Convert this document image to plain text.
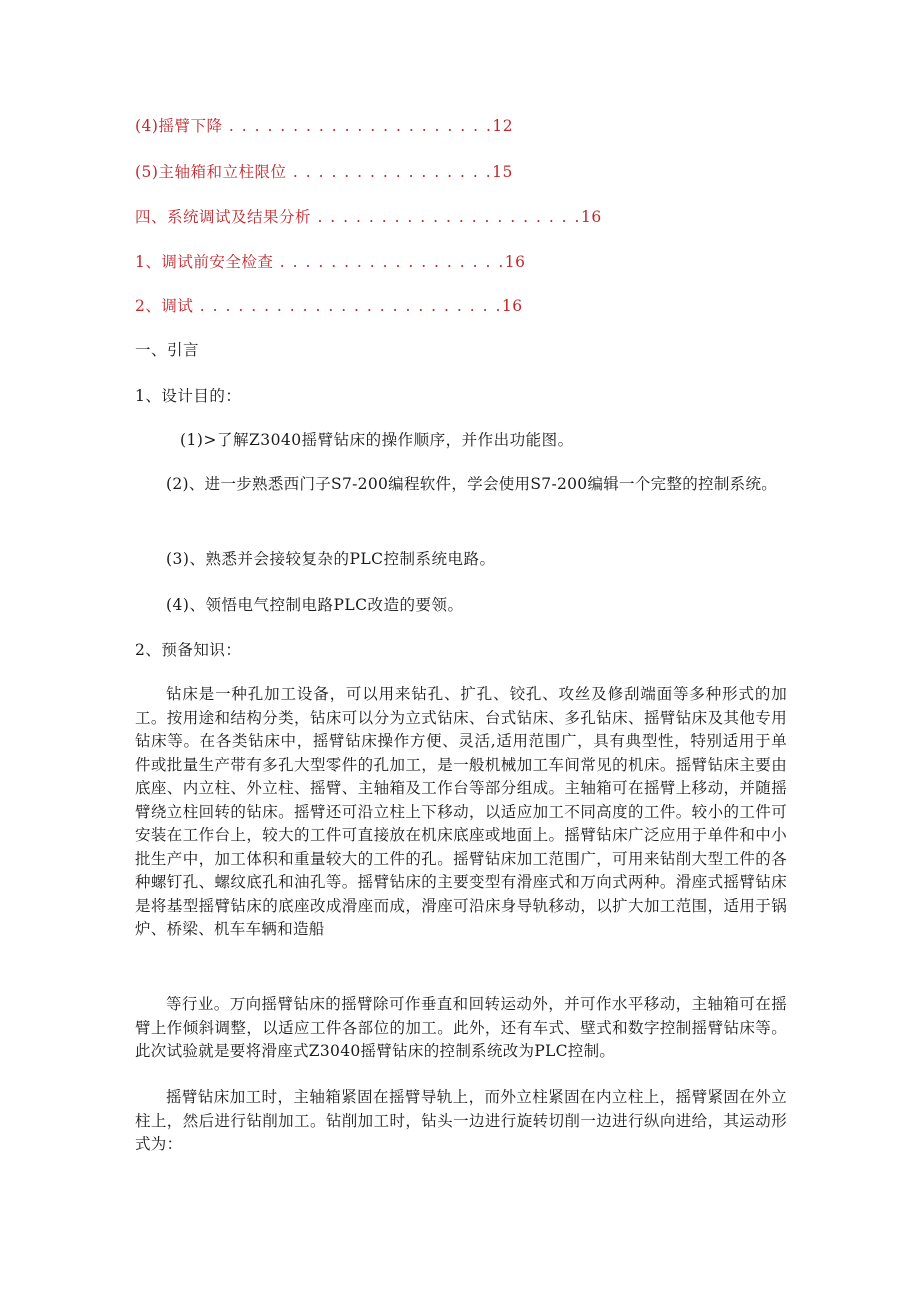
(4)摇臂下降 . . . . . . . . . . . . . . . . . . . . .12
(5)主轴箱和立柱限位 . . . . . . . . . . . . . . . .15
四、系统调试及结果分析 . . . . . . . . . . . . . . . . . . . . .16
1、调试前安全检查 . . . . . . . . . . . . . . . . . .16
2、调试 . . . . . . . . . . . . . . . . . . . . . . . .16
一、引言
1、设计目的：
(1)>了解Z3040摇臂钻床的操作顺序，并作出功能图。
(2)、进一步熟悉西门子S7-200编程软件，学会使用S7-200编辑一个完整的控制系统。
(3)、熟悉并会接较复杂的PLC控制系统电路。
(4)、领悟电气控制电路PLC改造的要领。
2、预备知识：
钻床是一种孔加工设备，可以用来钻孔、扩孔、铰孔、攻丝及修刮端面等多种形式的加工。按用途和结构分类，钻床可以分为立式钻床、台式钻床、多孔钻床、摇臂钻床及其他专用钻床等。在各类钻床中，摇臂钻床操作方便、灵活,适用范围广，具有典型性，特别适用于单件或批量生产带有多孔大型零件的孔加工，是一般机械加工车间常见的机床。摇臂钻床主要由底座、内立柱、外立柱、摇臂、主轴箱及工作台等部分组成。主轴箱可在摇臂上移动，并随摇臂绕立柱回转的钻床。摇臂还可沿立柱上下移动，以适应加工不同高度的工件。较小的工件可安装在工作台上，较大的工件可直接放在机床底座或地面上。摇臂钻床广泛应用于单件和中小批生产中，加工体积和重量较大的工件的孔。摇臂钻床加工范围广，可用来钻削大型工件的各种螺钉孔、螺纹底孔和油孔等。摇臂钻床的主要变型有滑座式和万向式两种。滑座式摇臂钻床是将基型摇臂钻床的底座改成滑座而成，滑座可沿床身导轨移动，以扩大加工范围，适用于锅炉、桥梁、机车车辆和造船
等行业。万向摇臂钻床的摇臂除可作垂直和回转运动外，并可作水平移动，主轴箱可在摇臂上作倾斜调整，以适应工件各部位的加工。此外，还有车式、壁式和数字控制摇臂钻床等。此次试验就是要将滑座式Z3040摇臂钻床的控制系统改为PLC控制。
摇臂钻床加工时，主轴箱紧固在摇臂导轨上，而外立柱紧固在内立柱上，摇臂紧固在外立柱上，然后进行钻削加工。钻削加工时，钻头一边进行旋转切削一边进行纵向进给，其运动形式为：
